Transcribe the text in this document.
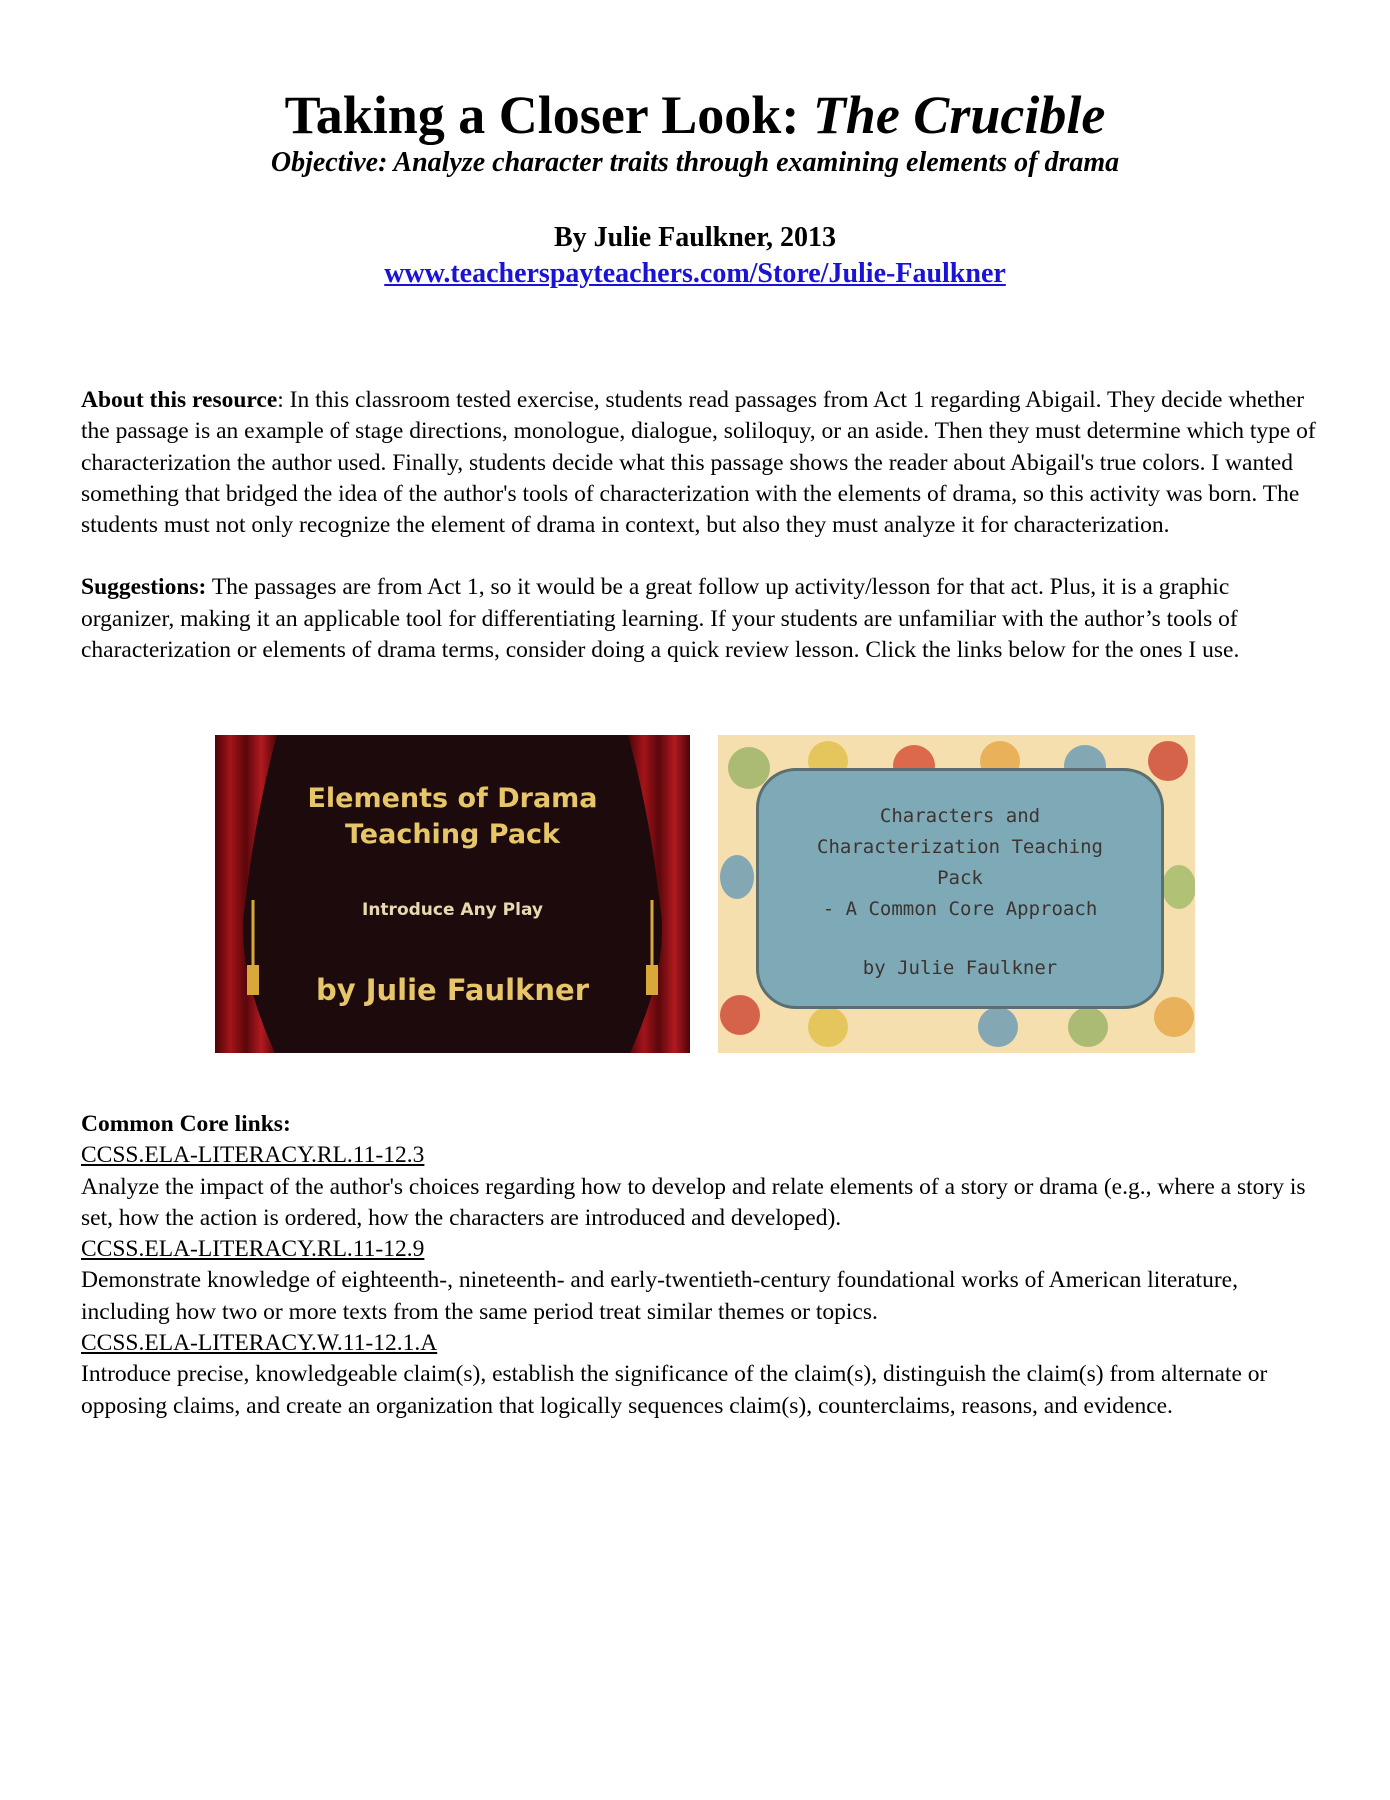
Taking a Closer Look: The Crucible

Objective: Analyze character traits through examining elements of drama

By Julie Faulkner, 2013
www.teacherspayteachers.com/Store/Julie-Faulkner

About this resource: In this classroom tested exercise, students read passages from Act 1 regarding Abigail. They decide whether the passage is an example of stage directions, monologue, dialogue, soliloquy, or an aside. Then they must determine which type of characterization the author used. Finally, students decide what this passage shows the reader about Abigail's true colors. I wanted something that bridged the idea of the author's tools of characterization with the elements of drama, so this activity was born. The students must not only recognize the element of drama in context, but also they must analyze it for characterization.

Suggestions: The passages are from Act 1, so it would be a great follow up activity/lesson for that act. Plus, it is a graphic organizer, making it an applicable tool for differentiating learning. If your students are unfamiliar with the author’s tools of characterization or elements of drama terms, consider doing a quick review lesson. Click the links below for the ones I use.

Elements of Drama
Teaching Pack
Introduce Any Play
by Julie Faulkner
Characters and
Characterization Teaching
Pack
- A Common Core Approach
by Julie Faulkner

Common Core links:

CCSS.ELA-LITERACY.RL.11-12.3

Analyze the impact of the author's choices regarding how to develop and relate elements of a story or drama (e.g., where a story is set, how the action is ordered, how the characters are introduced and developed).

CCSS.ELA-LITERACY.RL.11-12.9

Demonstrate knowledge of eighteenth-, nineteenth- and early-twentieth-century foundational works of American literature, including how two or more texts from the same period treat similar themes or topics.

CCSS.ELA-LITERACY.W.11-12.1.A

Introduce precise, knowledgeable claim(s), establish the significance of the claim(s), distinguish the claim(s) from alternate or opposing claims, and create an organization that logically sequences claim(s), counterclaims, reasons, and evidence.
